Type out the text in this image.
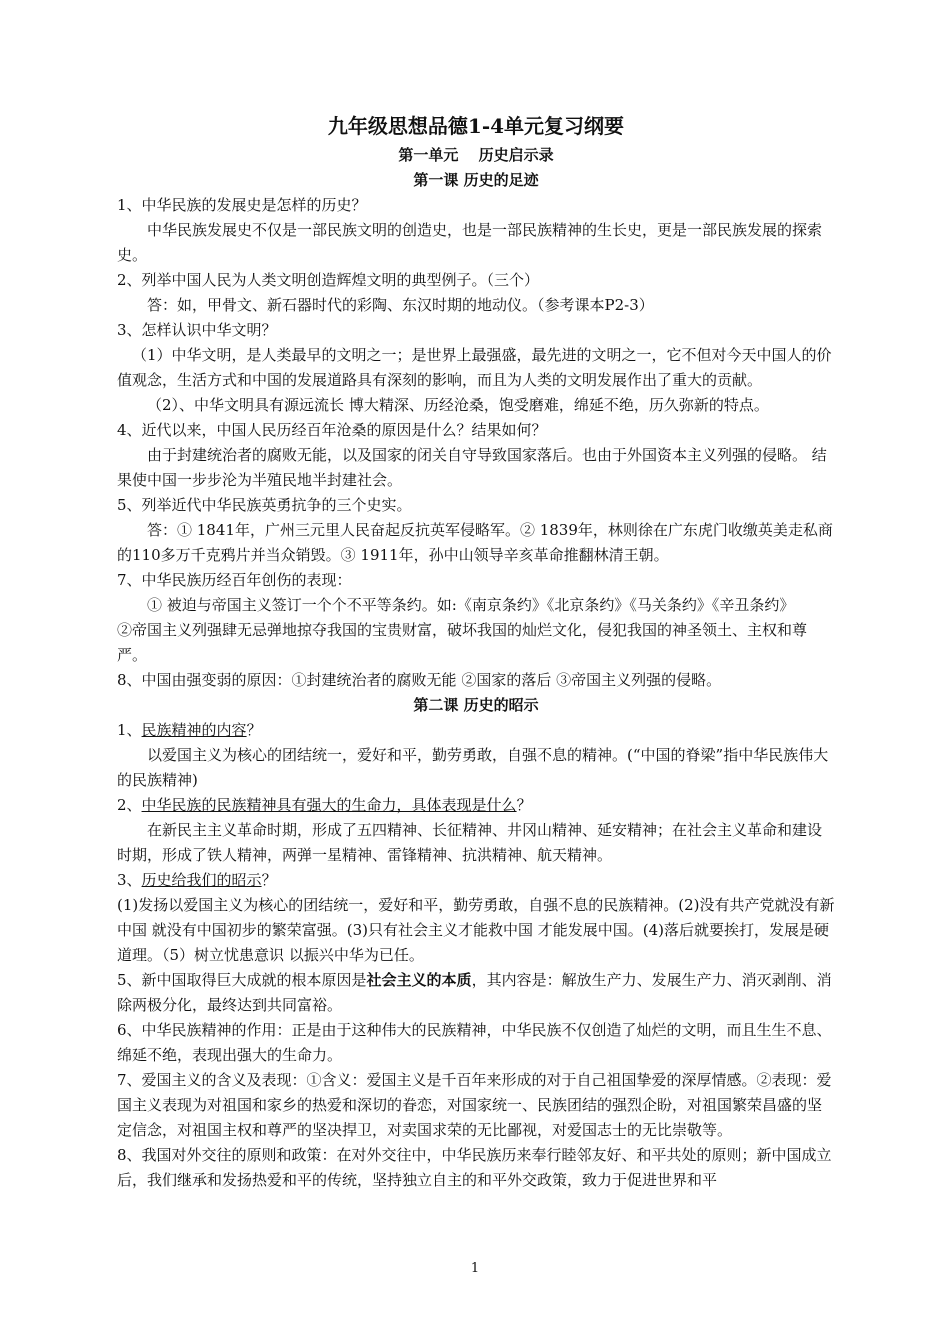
九年级思想品德1-4单元复习纲要
第一单元　 历史启示录
第一课 历史的足迹
1、中华民族的发展史是怎样的历史？
中华民族发展史不仅是一部民族文明的创造史，也是一部民族精神的生长史，更是一部民族发展的探索史。
2、列举中国人民为人类文明创造辉煌文明的典型例子。（三个）
答：如，甲骨文、新石器时代的彩陶、东汉时期的地动仪。（参考课本P2-3）
3、怎样认识中华文明？
（1）中华文明，是人类最早的文明之一；是世界上最强盛，最先进的文明之一，它不但对今天中国人的价值观念，生活方式和中国的发展道路具有深刻的影响，而且为人类的文明发展作出了重大的贡献。
（2）、中华文明具有源远流长 博大精深、历经沧桑，饱受磨难，绵延不绝，历久弥新的特点。
4、近代以来，中国人民历经百年沧桑的原因是什么？结果如何？
由于封建统治者的腐败无能，以及国家的闭关自守导致国家落后。也由于外国资本主义列强的侵略。 结果使中国一步步沦为半殖民地半封建社会。
5、列举近代中华民族英勇抗争的三个史实。
答：① 1841年，广州三元里人民奋起反抗英军侵略军。② 1839年，林则徐在广东虎门收缴英美走私商的110多万千克鸦片并当众销毁。③ 1911年，孙中山领导辛亥革命推翻林清王朝。
7、中华民族历经百年创伤的表现：
① 被迫与帝国主义签订一个个不平等条约。如:《南京条约》《北京条约》《马关条约》《辛丑条约》
②帝国主义列强肆无忌弹地掠夺我国的宝贵财富，破坏我国的灿烂文化，侵犯我国的神圣领土、主权和尊严。
8、中国由强变弱的原因：①封建统治者的腐败无能 ②国家的落后 ③帝国主义列强的侵略。
第二课 历史的昭示
1、民族精神的内容？
以爱国主义为核心的团结统一，爱好和平，勤劳勇敢，自强不息的精神。(“中国的脊梁”指中华民族伟大的民族精神)
2、中华民族的民族精神具有强大的生命力，具体表现是什么？
在新民主主义革命时期，形成了五四精神、长征精神、井冈山精神、延安精神；在社会主义革命和建设时期，形成了铁人精神，两弹一星精神、雷锋精神、抗洪精神、航天精神。
3、历史给我们的昭示？
(1)发扬以爱国主义为核心的团结统一，爱好和平，勤劳勇敢，自强不息的民族精神。(2)没有共产党就没有新中国 就没有中国初步的繁荣富强。(3)只有社会主义才能救中国 才能发展中国。(4)落后就要挨打，发展是硬道理。（5）树立忧患意识 以振兴中华为已任。
5、新中国取得巨大成就的根本原因是社会主义的本质，其内容是：解放生产力、发展生产力、消灭剥削、消除两极分化，最终达到共同富裕。
6、中华民族精神的作用：正是由于这种伟大的民族精神，中华民族不仅创造了灿烂的文明，而且生生不息、绵延不绝，表现出强大的生命力。
7、爱国主义的含义及表现：①含义：爱国主义是千百年来形成的对于自己祖国挚爱的深厚情感。②表现：爱国主义表现为对祖国和家乡的热爱和深切的眷恋，对国家统一、民族团结的强烈企盼，对祖国繁荣昌盛的坚定信念，对祖国主权和尊严的坚决捍卫，对卖国求荣的无比鄙视，对爱国志士的无比崇敬等。
8、我国对外交往的原则和政策：在对外交往中，中华民族历来奉行睦邻友好、和平共处的原则；新中国成立后，我们继承和发扬热爱和平的传统，坚持独立自主的和平外交政策，致力于促进世界和平
1
